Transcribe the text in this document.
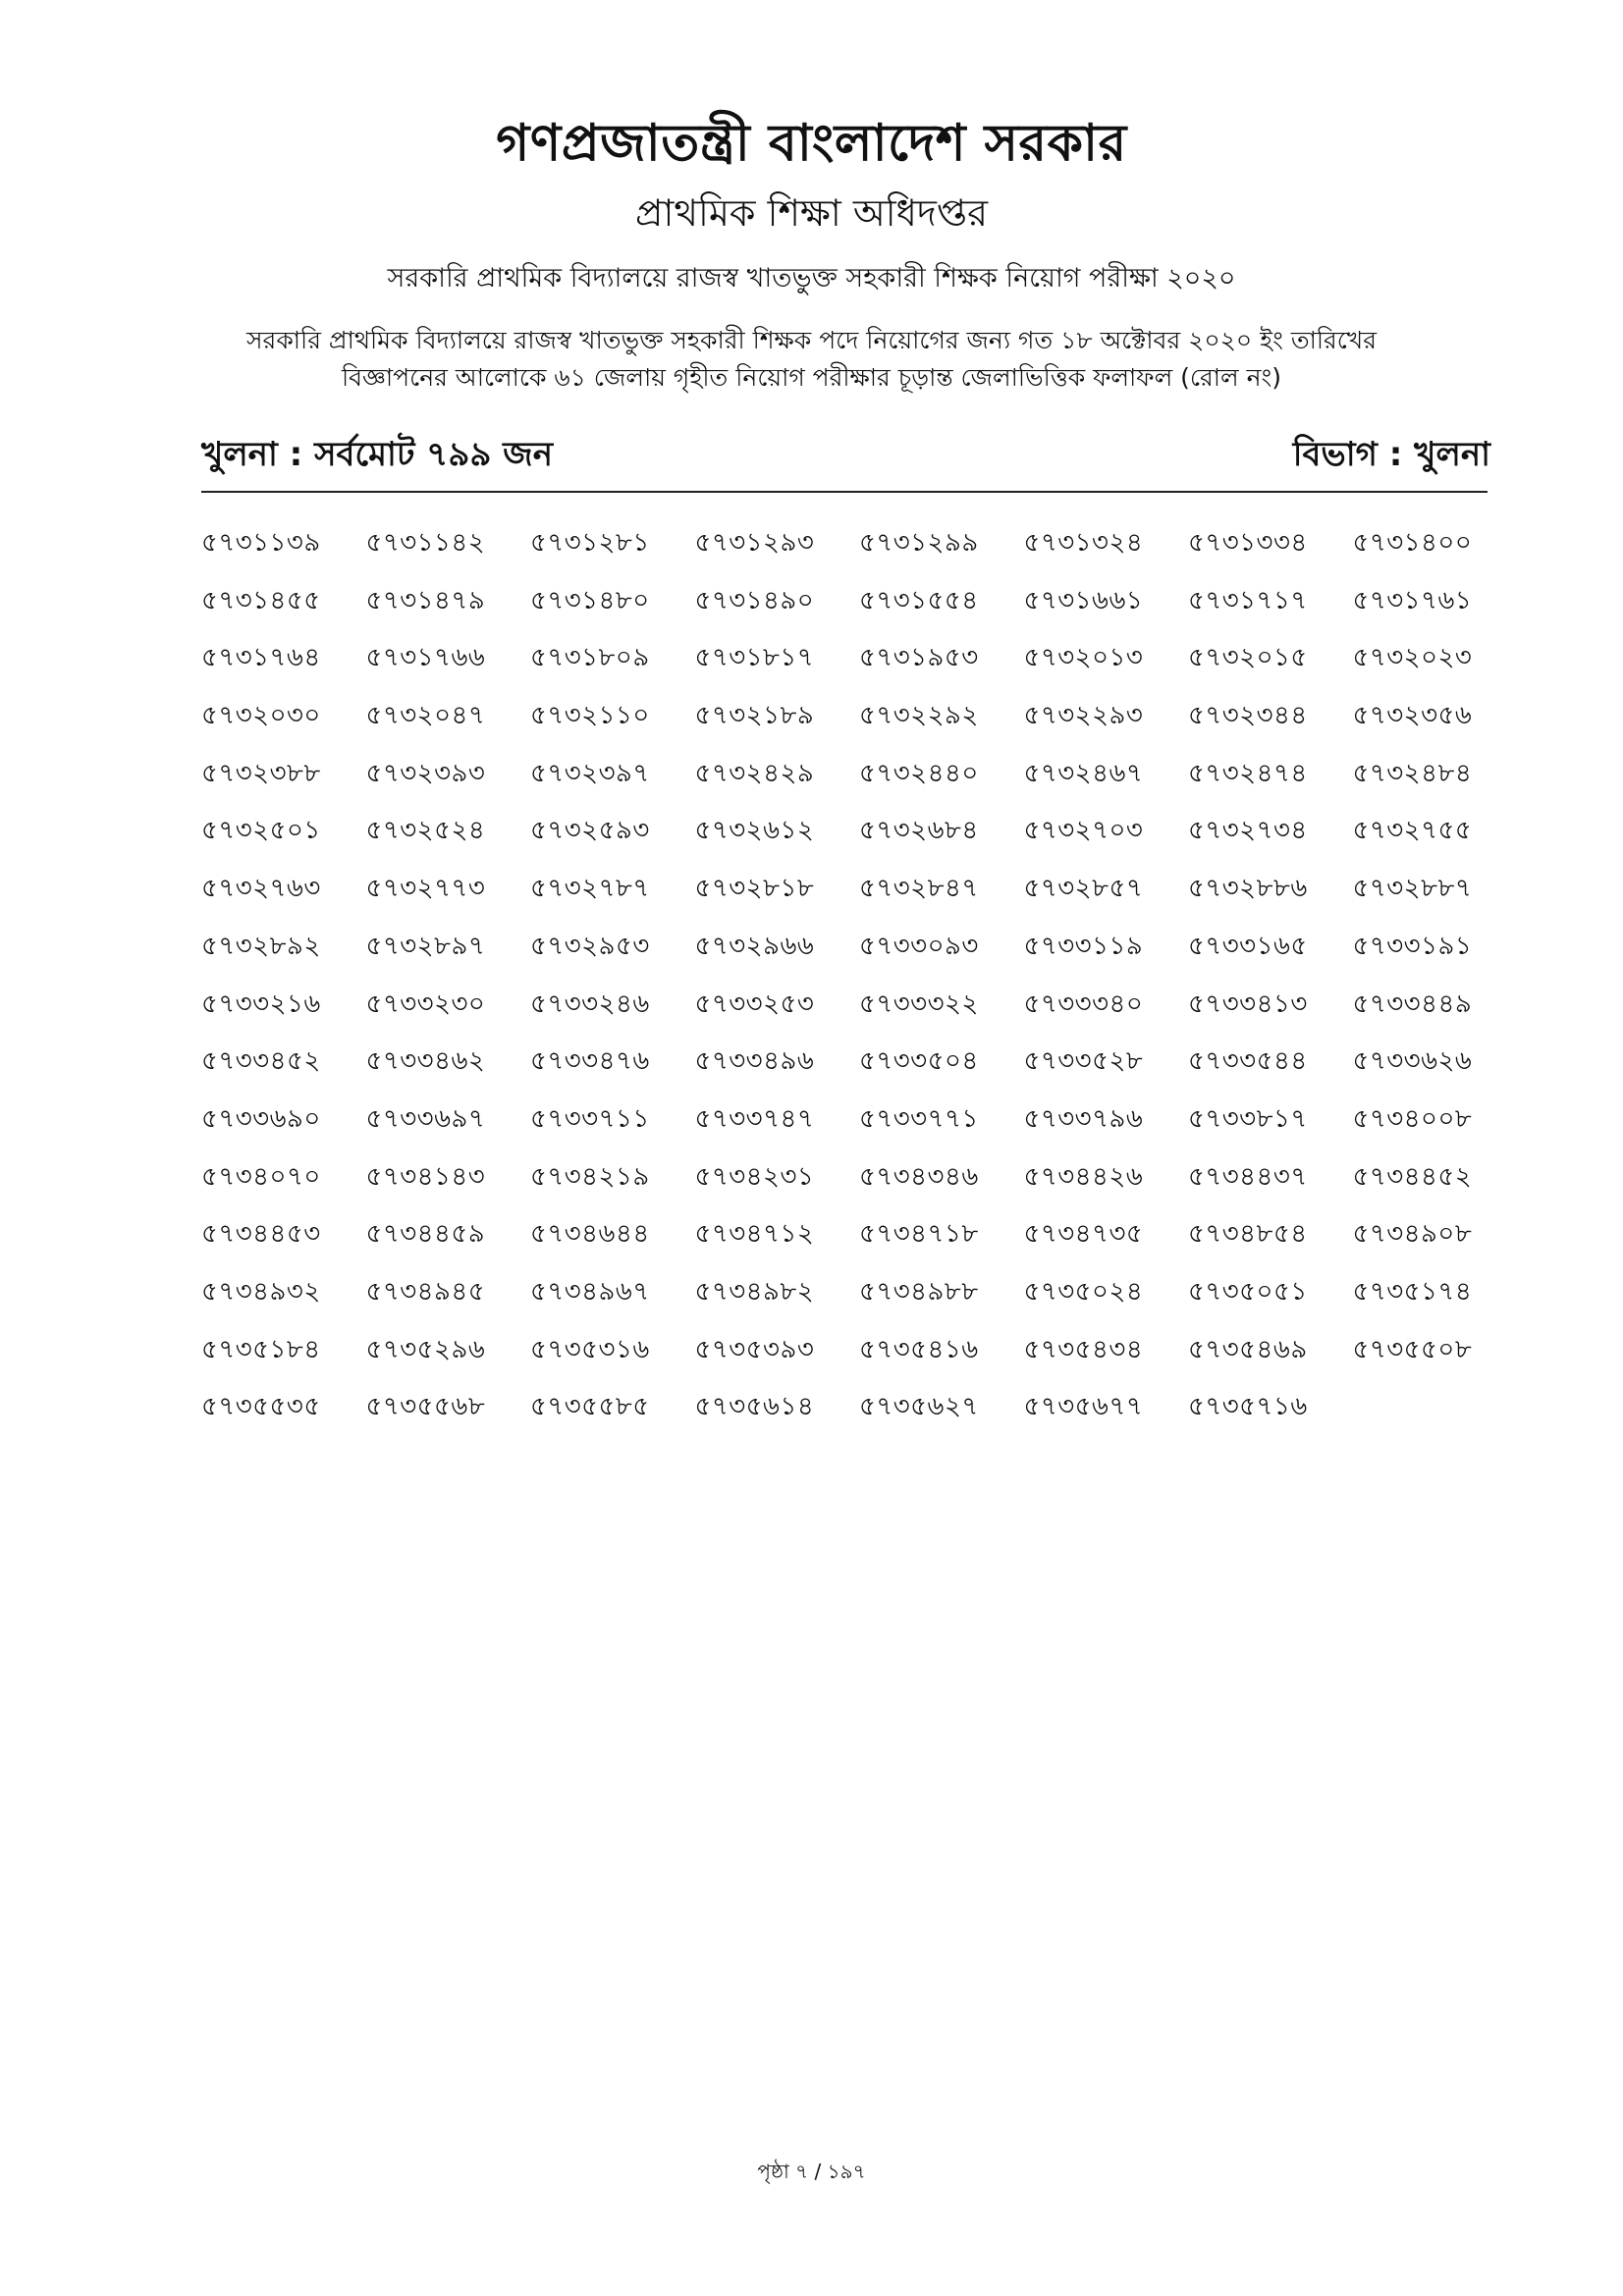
গণপ্রজাতন্ত্রী বাংলাদেশ সরকার
প্রাথমিক শিক্ষা অধিদপ্তর
সরকারি প্রাথমিক বিদ্যালয়ে রাজস্ব খাতভুক্ত সহকারী শিক্ষক নিয়োগ পরীক্ষা ২০২০
সরকারি প্রাথমিক বিদ্যালয়ে রাজস্ব খাতভুক্ত সহকারী শিক্ষক পদে নিয়োগের জন্য গত ১৮ অক্টোবর ২০২০ ইং তারিখের
বিজ্ঞাপনের আলোকে ৬১ জেলায় গৃহীত নিয়োগ পরীক্ষার চূড়ান্ত জেলাভিত্তিক ফলাফল (রোল নং)
খুলনা : সর্বমোট ৭৯৯ জন	বিভাগ : খুলনা
৫৭৩১১৩৯	৫৭৩১১৪২	৫৭৩১২৮১	৫৭৩১২৯৩	৫৭৩১২৯৯	৫৭৩১৩২৪	৫৭৩১৩৩৪	৫৭৩১৪০০
৫৭৩১৪৫৫	৫৭৩১৪৭৯	৫৭৩১৪৮০	৫৭৩১৪৯০	৫৭৩১৫৫৪	৫৭৩১৬৬১	৫৭৩১৭১৭	৫৭৩১৭৬১
৫৭৩১৭৬৪	৫৭৩১৭৬৬	৫৭৩১৮০৯	৫৭৩১৮১৭	৫৭৩১৯৫৩	৫৭৩২০১৩	৫৭৩২০১৫	৫৭৩২০২৩
৫৭৩২০৩০	৫৭৩২০৪৭	৫৭৩২১১০	৫৭৩২১৮৯	৫৭৩২২৯২	৫৭৩২২৯৩	৫৭৩২৩৪৪	৫৭৩২৩৫৬
৫৭৩২৩৮৮	৫৭৩২৩৯৩	৫৭৩২৩৯৭	৫৭৩২৪২৯	৫৭৩২৪৪০	৫৭৩২৪৬৭	৫৭৩২৪৭৪	৫৭৩২৪৮৪
৫৭৩২৫০১	৫৭৩২৫২৪	৫৭৩২৫৯৩	৫৭৩২৬১২	৫৭৩২৬৮৪	৫৭৩২৭০৩	৫৭৩২৭৩৪	৫৭৩২৭৫৫
৫৭৩২৭৬৩	৫৭৩২৭৭৩	৫৭৩২৭৮৭	৫৭৩২৮১৮	৫৭৩২৮৪৭	৫৭৩২৮৫৭	৫৭৩২৮৮৬	৫৭৩২৮৮৭
৫৭৩২৮৯২	৫৭৩২৮৯৭	৫৭৩২৯৫৩	৫৭৩২৯৬৬	৫৭৩৩০৯৩	৫৭৩৩১১৯	৫৭৩৩১৬৫	৫৭৩৩১৯১
৫৭৩৩২১৬	৫৭৩৩২৩০	৫৭৩৩২৪৬	৫৭৩৩২৫৩	৫৭৩৩৩২২	৫৭৩৩৩৪০	৫৭৩৩৪১৩	৫৭৩৩৪৪৯
৫৭৩৩৪৫২	৫৭৩৩৪৬২	৫৭৩৩৪৭৬	৫৭৩৩৪৯৬	৫৭৩৩৫০৪	৫৭৩৩৫২৮	৫৭৩৩৫৪৪	৫৭৩৩৬২৬
৫৭৩৩৬৯০	৫৭৩৩৬৯৭	৫৭৩৩৭১১	৫৭৩৩৭৪৭	৫৭৩৩৭৭১	৫৭৩৩৭৯৬	৫৭৩৩৮১৭	৫৭৩৪০০৮
৫৭৩৪০৭০	৫৭৩৪১৪৩	৫৭৩৪২১৯	৫৭৩৪২৩১	৫৭৩৪৩৪৬	৫৭৩৪৪২৬	৫৭৩৪৪৩৭	৫৭৩৪৪৫২
৫৭৩৪৪৫৩	৫৭৩৪৪৫৯	৫৭৩৪৬৪৪	৫৭৩৪৭১২	৫৭৩৪৭১৮	৫৭৩৪৭৩৫	৫৭৩৪৮৫৪	৫৭৩৪৯০৮
৫৭৩৪৯৩২	৫৭৩৪৯৪৫	৫৭৩৪৯৬৭	৫৭৩৪৯৮২	৫৭৩৪৯৮৮	৫৭৩৫০২৪	৫৭৩৫০৫১	৫৭৩৫১৭৪
৫৭৩৫১৮৪	৫৭৩৫২৯৬	৫৭৩৫৩১৬	৫৭৩৫৩৯৩	৫৭৩৫৪১৬	৫৭৩৫৪৩৪	৫৭৩৫৪৬৯	৫৭৩৫৫০৮
৫৭৩৫৫৩৫	৫৭৩৫৫৬৮	৫৭৩৫৫৮৫	৫৭৩৫৬১৪	৫৭৩৫৬২৭	৫৭৩৫৬৭৭	৫৭৩৫৭১৬
পৃষ্ঠা ৭ / ১৯৭
